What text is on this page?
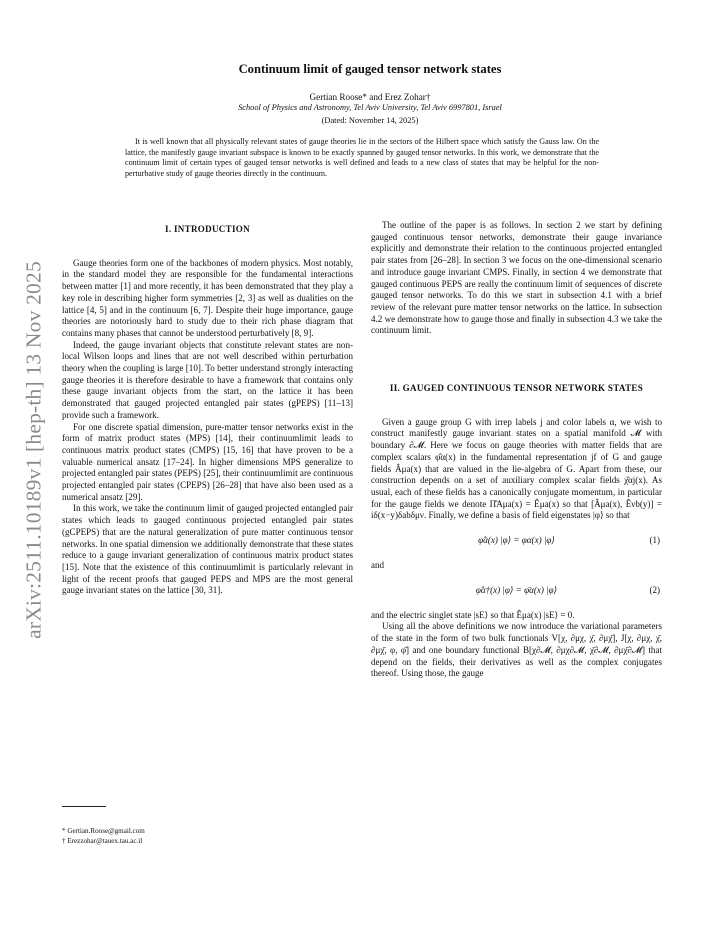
arXiv:2511.10189v1 [hep-th] 13 Nov 2025
Continuum limit of gauged tensor network states
Gertian Roose* and Erez Zohar†
School of Physics and Astronomy, Tel Aviv University, Tel Aviv 6997801, Israel
(Dated: November 14, 2025)

It is well known that all physically relevant states of gauge theories lie in the sectors of the Hilbert space which satisfy the Gauss law. On the lattice, the manifestly gauge invariant subspace is known to be exactly spanned by gauged tensor networks. In this work, we demonstrate that the continuum limit of certain types of gauged tensor networks is well defined and leads to a new class of states that may be helpful for the non-perturbative study of gauge theories directly in the continuum.

I. INTRODUCTION

Gauge theories form one of the backbones of modern physics. Most notably, in the standard model they are responsible for the fundamental interactions between matter [1] and more recently, it has been demonstrated that they play a key role in describing higher form symmetries [2, 3] as well as dualities on the lattice [4, 5] and in the continuum [6, 7]. Despite their huge importance, gauge theories are notoriously hard to study due to their rich phase diagram that contains many phases that cannot be understood perturbatively [8, 9].

Indeed, the gauge invariant objects that constitute relevant states are non-local Wilson loops and lines that are not well described within perturbation theory when the coupling is large [10]. To better understand strongly interacting gauge theories it is therefore desirable to have a framework that contains only these gauge invariant objects from the start, on the lattice it has been demonstrated that gauged projected entangled pair states (gPEPS) [11–13] provide such a framework.

For one discrete spatial dimension, pure-matter tensor networks exist in the form of matrix product states (MPS) [14], their continuumlimit leads to continuous matrix product states (CMPS) [15, 16] that have proven to be a valuable numerical ansatz [17–24]. In higher dimensions MPS generalize to projected entangled pair states (PEPS) [25], their continuumlimit are continuous projected entangled pair states (CPEPS) [26–28] that have also been used as a numerical ansatz [29].

In this work, we take the continuum limit of gauged projected entangled pair states which leads to gauged continuous projected entangled pair states (gCPEPS) that are the natural generalization of pure matter continuous tensor networks. In one spatial dimension we additionally demonstrate that these states reduce to a gauge invariant generalization of continuous matrix product states [15]. Note that the existence of this continuumlimit is particularly relevant in light of the recent proofs that gauged PEPS and MPS are the most general gauge invariant states on the lattice [30, 31].

The outline of the paper is as follows. In section 2 we start by defining gauged continuous tensor networks, demonstrate their gauge invariance explicitly and demonstrate their relation to the continuous projected entangled pair states from [26–28]. In section 3 we focus on the one-dimensional scenario and introduce gauge invariant CMPS. Finally, in section 4 we demonstrate that gauged continuous PEPS are really the continuum limit of sequences of discrete gauged tensor networks. To do this we start in subsection 4.1 with a brief review of the relevant pure matter tensor networks on the lattice. In subsection 4.2 we demonstrate how to gauge those and finally in subsection 4.3 we take the continuum limit.

II. GAUGED CONTINUOUS TENSOR NETWORK STATES

Given a gauge group G with irrep labels j and color labels α, we wish to construct manifestly gauge invariant states on a spatial manifold 𝓜 with boundary ∂𝓜. Here we focus on gauge theories with matter fields that are complex scalars φ̂α(x) in the fundamental representation jf of G and gauge fields Âμa(x) that are valued in the lie-algebra of G. Apart from these, our construction depends on a set of auxiliary complex scalar fields χ̂αj(x). As usual, each of these fields has a canonically conjugate momentum, in particular for the gauge fields we denote Π̂Aμa(x) = Êμa(x) so that [Âμa(x), Êνb(y)] = iδ(x−y)δabδμν. Finally, we define a basis of field eigenstates |φ⟩ so that

φ̂α(x) |φ⟩ = φα(x) |φ⟩	(1)

and

φ̂α†(x) |φ⟩ = φ̄α(x) |φ⟩	(2)

and the electric singlet state |sE⟩ so that Êμa(x) |sE⟩ = 0.

Using all the above definitions we now introduce the variational parameters of the state in the form of two bulk functionals V[χ, ∂μχ, χ̄, ∂μχ̄], J[χ, ∂μχ, χ̄, ∂μχ̄, φ, φ̄] and one boundary functional B[χ∂𝓜, ∂μχ∂𝓜, χ̄∂𝓜, ∂μχ̄∂𝓜] that depend on the fields, their derivatives as well as the complex conjugates thereof. Using those, the gauge

* Gertian.Roose@gmail.com
† Erezzohar@tauex.tau.ac.il
